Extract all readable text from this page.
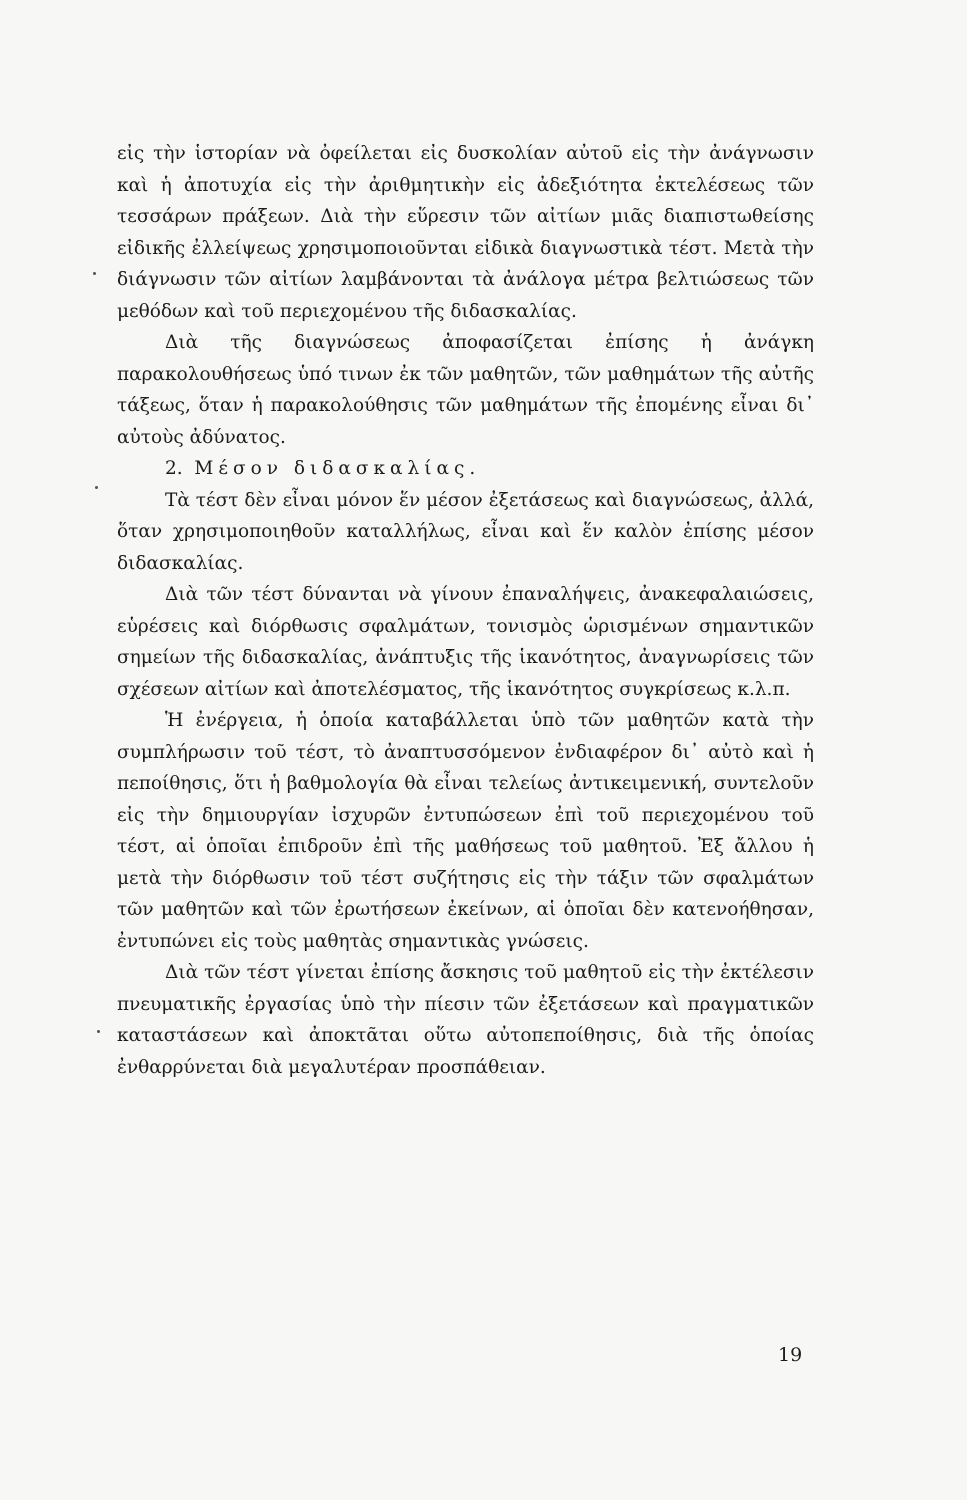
εἰς τὴν ἱστορίαν νὰ ὀφείλεται εἰς δυσκολίαν αὐτοῦ εἰς τὴν ἀνάγνωσιν καὶ ἡ ἀποτυχία εἰς τὴν ἀριθμητικὴν εἰς ἀδεξιότητα ἐκτελέσεως τῶν τεσσάρων πράξεων. Διὰ τὴν εὕρεσιν τῶν αἰτίων μιᾶς διαπιστωθείσης εἰδικῆς ἐλλείψεως χρησιμοποιοῦνται εἰδικὰ διαγνωστικὰ τέστ. Μετὰ τὴν διάγνωσιν τῶν αἰτίων λαμβάνονται τὰ ἀνάλογα μέτρα βελτιώσεως τῶν μεθόδων καὶ τοῦ περιεχομένου τῆς διδασκαλίας.

Διὰ τῆς διαγνώσεως ἀποφασίζεται ἐπίσης ἡ ἀνάγκη παρακολουθήσεως ὑπό τινων ἐκ τῶν μαθητῶν, τῶν μαθημάτων τῆς αὐτῆς τάξεως, ὅταν ἡ παρακολούθησις τῶν μαθημάτων τῆς ἐπομένης εἶναι δι᾽ αὐτοὺς ἀδύνατος.

2. Μέσον διδασκαλίας.

Τὰ τέστ δὲν εἶναι μόνον ἕν μέσον ἐξετάσεως καὶ διαγνώσεως, ἀλλά, ὅταν χρησιμοποιηθοῦν καταλλήλως, εἶναι καὶ ἕν καλὸν ἐπίσης μέσον διδασκαλίας.

Διὰ τῶν τέστ δύνανται νὰ γίνουν ἐπαναλήψεις, ἀνακεφαλαιώσεις, εὑρέσεις καὶ διόρθωσις σφαλμάτων, τονισμὸς ὡρισμένων σημαντικῶν σημείων τῆς διδασκαλίας, ἀνάπτυξις τῆς ἱκανότητος, ἀναγνωρίσεις τῶν σχέσεων αἰτίων καὶ ἀποτελέσματος, τῆς ἱκανότητος συγκρίσεως κ.λ.π.

Ἡ ἐνέργεια, ἡ ὁποία καταβάλλεται ὑπὸ τῶν μαθητῶν κατὰ τὴν συμπλήρωσιν τοῦ τέστ, τὸ ἀναπτυσσόμενον ἐνδιαφέρον δι᾽ αὐτὸ καὶ ἡ πεποίθησις, ὅτι ἡ βαθμολογία θὰ εἶναι τελείως ἀντικειμενική, συντελοῦν εἰς τὴν δημιουργίαν ἰσχυρῶν ἐντυπώσεων ἐπὶ τοῦ περιεχομένου τοῦ τέστ, αἱ ὁποῖαι ἐπιδροῦν ἐπὶ τῆς μαθήσεως τοῦ μαθητοῦ. Ἐξ ἄλλου ἡ μετὰ τὴν διόρθωσιν τοῦ τέστ συζήτησις εἰς τὴν τάξιν τῶν σφαλμάτων τῶν μαθητῶν καὶ τῶν ἐρωτήσεων ἐκείνων, αἱ ὁποῖαι δὲν κατενοήθησαν, ἐντυπώνει εἰς τοὺς μαθητὰς σημαντικὰς γνώσεις.

Διὰ τῶν τέστ γίνεται ἐπίσης ἄσκησις τοῦ μαθητοῦ εἰς τὴν ἐκτέλεσιν πνευματικῆς ἐργασίας ὑπὸ τὴν πίεσιν τῶν ἐξετάσεων καὶ πραγματικῶν καταστάσεων καὶ ἀποκτᾶται οὕτω αὐτοπεποίθησις, διὰ τῆς ὁποίας ἐνθαρρύνεται διὰ μεγαλυτέραν προσπάθειαν.

19
